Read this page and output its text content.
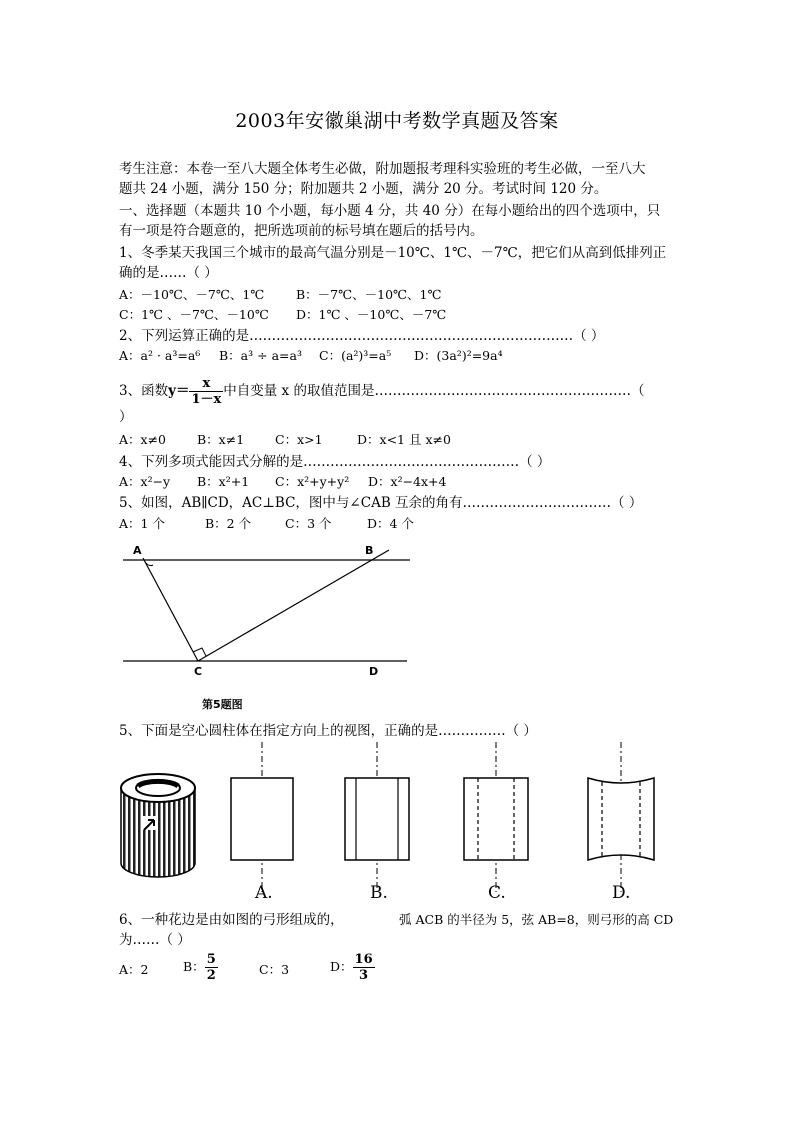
2003年安徽巢湖中考数学真题及答案
考生注意：本卷一至八大题全体考生必做，附加题报考理科实验班的考生必做，一至八大
题共 24 小题，满分 150 分；附加题共 2 小题，满分 20 分。考试时间 120 分。
一、选择题（本题共 10 个小题，每小题 4 分，共 40 分）在每小题给出的四个选项中，只
有一项是符合题意的，把所选项前的标号填在题后的括号内。
1、冬季某天我国三个城市的最高气温分别是－10℃、1℃、－7℃，把它们从高到低排列正
确的是……（ ）
A：－10℃、－7℃、1℃	B：－7℃、－10℃、1℃
C：1℃ 、－7℃、－10℃ D：1℃ 、－10℃、－7℃
2、下列运算正确的是………………………………………………………………（ ）
A：a² · a³=a⁶ B：a³ ÷ a=a³ C：(a²)³=a⁵ D：(3a²)²=9a⁴
3、函数$y= \frac{x}{1-x}$ 中自变量 x 的取值范围是…………………………………………………（
）
A：x≠0 B：x≠1 C：x>1	D：x<1 且 x≠0
4、下列多项式能因式分解的是…………………………………………（ ）
A：x²−y B：x²+1 C：x²+y+y² D：x²−4x+4
5、如图，AB∥CD，AC⊥BC，图中与∠CAB 互余的角有……………………………（ ）
A：1 个	B：2 个	C：3 个	D：4 个
A	B
C	D
第5题图
5、下面是空心圆柱体在指定方向上的视图，正确的是……………（ ）
A.	B.	C.	D.
6、一种花边是由如图的弓形组成的，	弧 ACB 的半径为 5，弦 AB=8，则弓形的高 CD
为……（ ）
A：2	B： $\frac{5}{2}$	C：3	D： $\frac{16}{3}$
